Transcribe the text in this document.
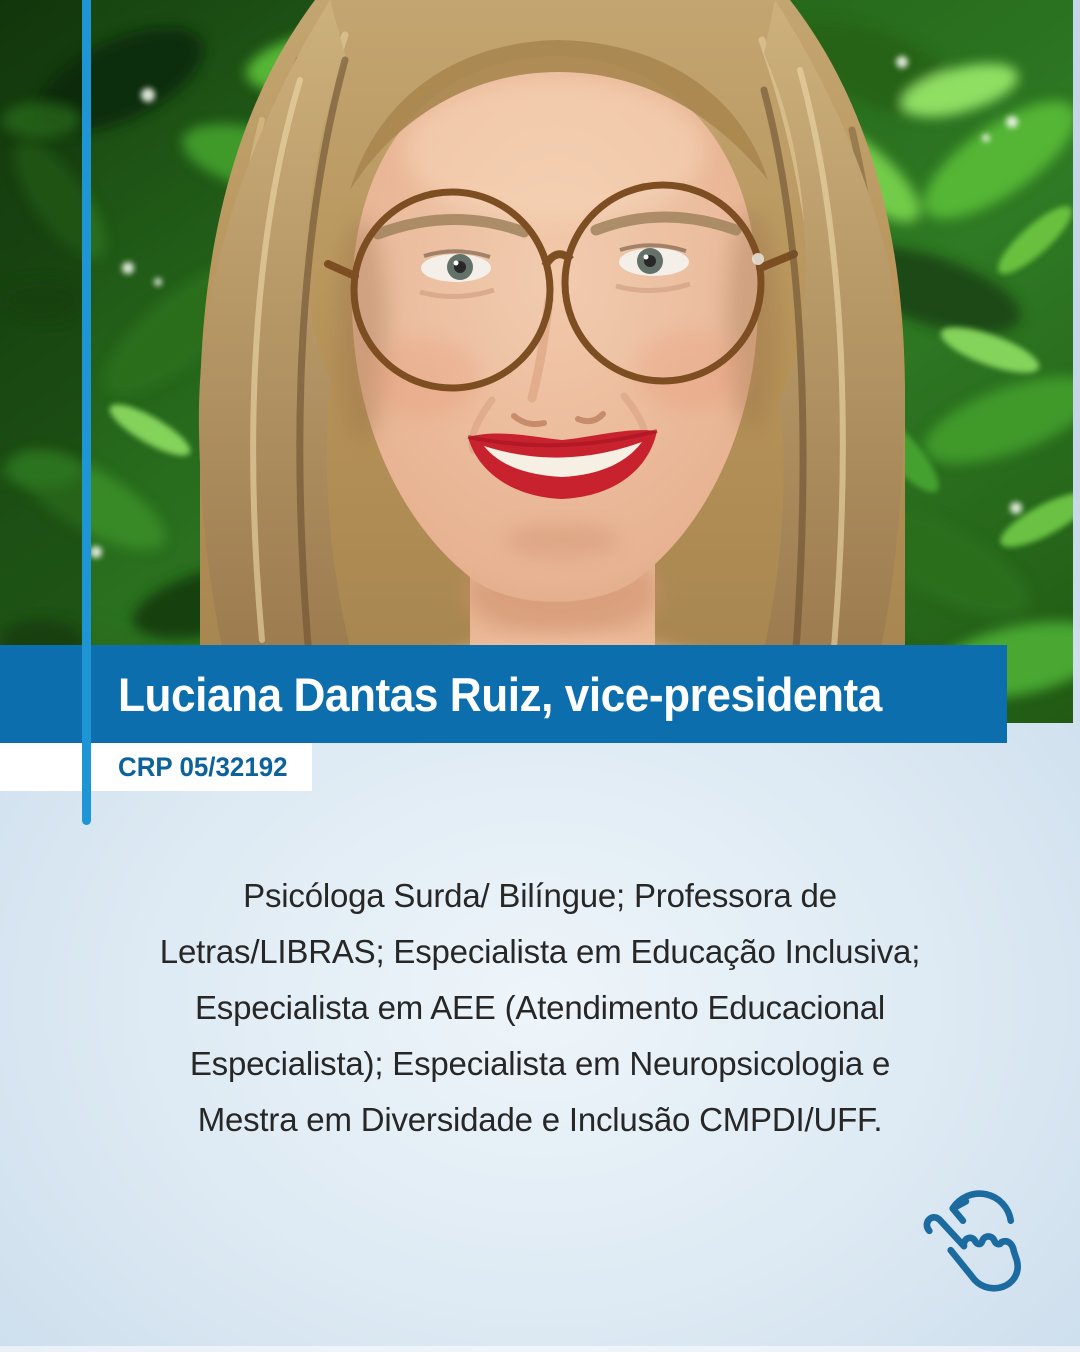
Luciana Dantas Ruiz, vice-presidenta
CRP 05/32192

Psicóloga Surda/ Bilíngue; Professora de

Letras/LIBRAS; Especialista em Educação Inclusiva;

Especialista em AEE (Atendimento Educacional

Especialista); Especialista em Neuropsicologia e

Mestra em Diversidade e Inclusão CMPDI/UFF.
